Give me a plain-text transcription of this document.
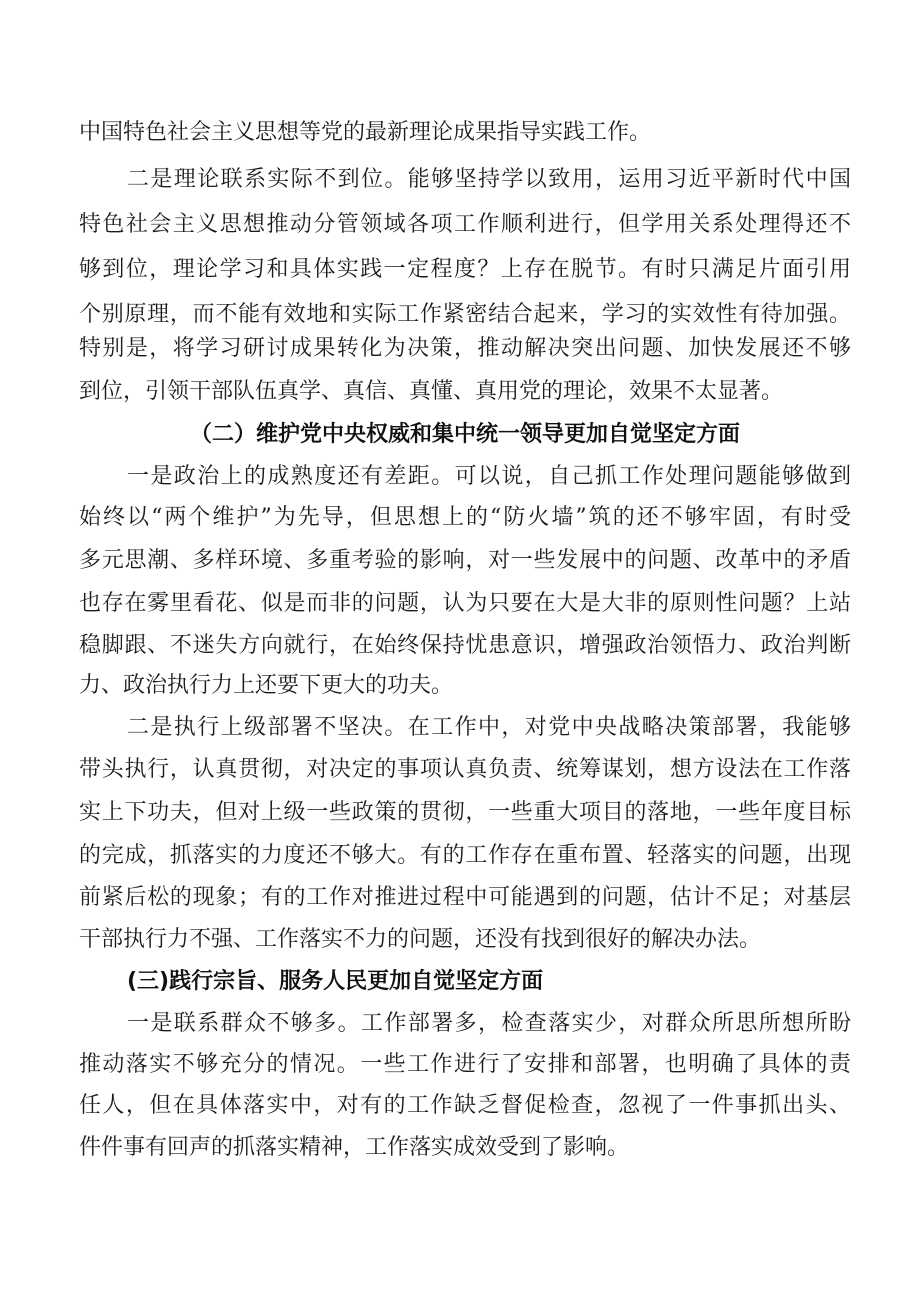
中国特色社会主义思想等党的最新理论成果指导实践工作。
二是理论联系实际不到位。能够坚持学以致用，运用习近平新时代中国
特色社会主义思想推动分管领域各项工作顺利进行，但学用关系处理得还不
够到位，理论学习和具体实践一定程度？上存在脱节。有时只满足片面引用
个别原理，而不能有效地和实际工作紧密结合起来，学习的实效性有待加强。
特别是，将学习研讨成果转化为决策，推动解决突出问题、加快发展还不够
到位，引领干部队伍真学、真信、真懂、真用党的理论，效果不太显著。
（二）维护党中央权威和集中统一领导更加自觉坚定方面
一是政治上的成熟度还有差距。可以说，自己抓工作处理问题能够做到
始终以“两个维护”为先导，但思想上的“防火墙”筑的还不够牢固，有时受
多元思潮、多样环境、多重考验的影响，对一些发展中的问题、改革中的矛盾
也存在雾里看花、似是而非的问题，认为只要在大是大非的原则性问题？上站
稳脚跟、不迷失方向就行，在始终保持忧患意识，增强政治领悟力、政治判断
力、政治执行力上还要下更大的功夫。
二是执行上级部署不坚决。在工作中，对党中央战略决策部署，我能够
带头执行，认真贯彻，对决定的事项认真负责、统筹谋划，想方设法在工作落
实上下功夫，但对上级一些政策的贯彻，一些重大项目的落地，一些年度目标
的完成，抓落实的力度还不够大。有的工作存在重布置、轻落实的问题，出现
前紧后松的现象；有的工作对推进过程中可能遇到的问题，估计不足；对基层
干部执行力不强、工作落实不力的问题，还没有找到很好的解决办法。
(三)践行宗旨、服务人民更加自觉坚定方面
一是联系群众不够多。工作部署多，检查落实少，对群众所思所想所盼
推动落实不够充分的情况。一些工作进行了安排和部署，也明确了具体的责
任人，但在具体落实中，对有的工作缺乏督促检查，忽视了一件事抓出头、
件件事有回声的抓落实精神，工作落实成效受到了影响。
